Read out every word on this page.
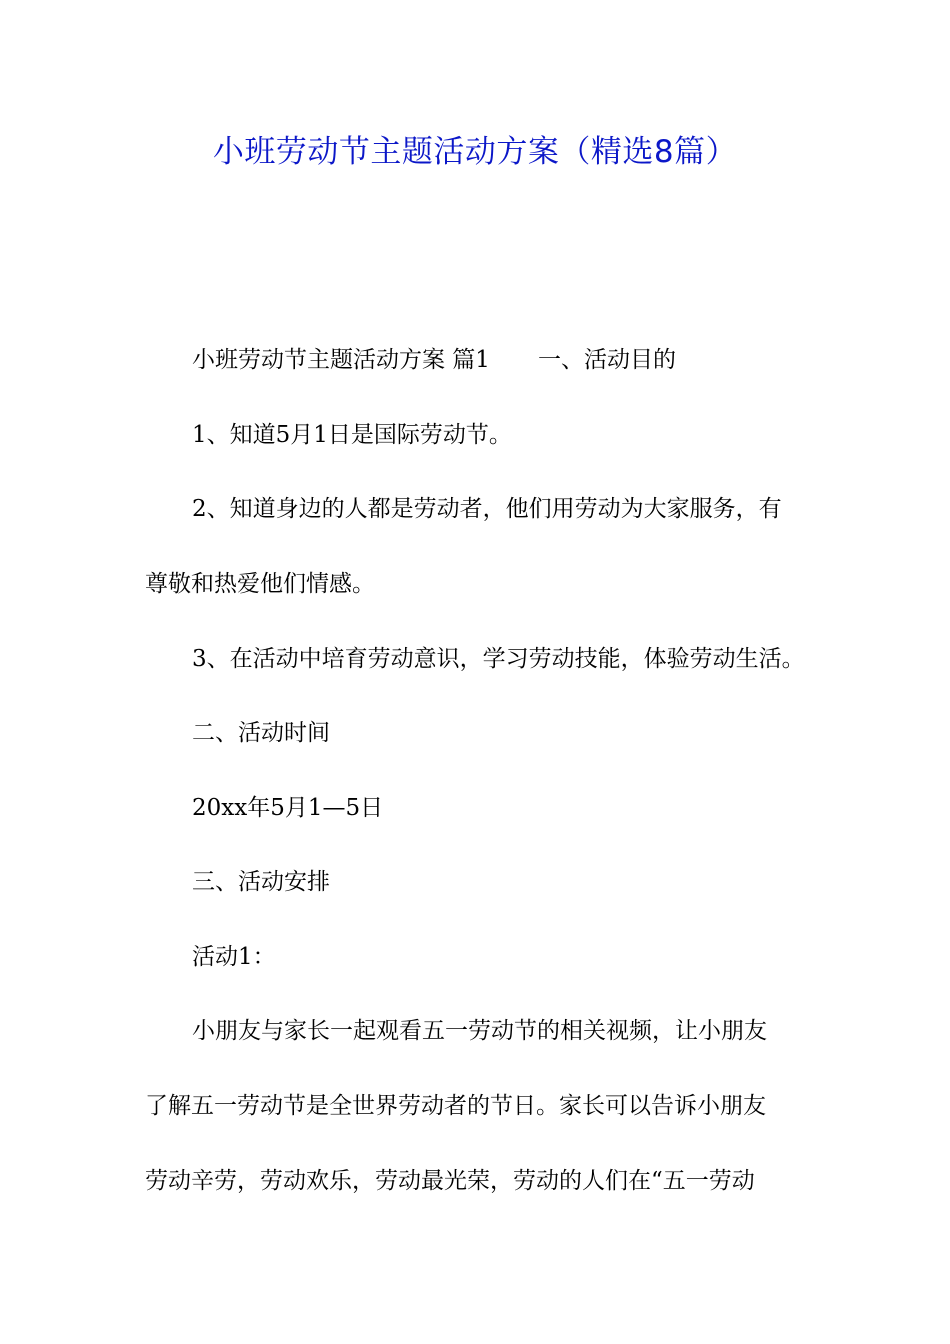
小班劳动节主题活动方案（精选8篇）

小班劳动节主题活动方案 篇1 一、活动目的

1、知道5月1日是国际劳动节。

2、知道身边的人都是劳动者，他们用劳动为大家服务，有

尊敬和热爱他们情感。

3、在活动中培育劳动意识，学习劳动技能，体验劳动生活。

二、活动时间

20xx年5月1—5日

三、活动安排

活动1：

小朋友与家长一起观看五一劳动节的相关视频，让小朋友

了解五一劳动节是全世界劳动者的节日。家长可以告诉小朋友

劳动辛劳，劳动欢乐，劳动最光荣，劳动的人们在“五一劳动
